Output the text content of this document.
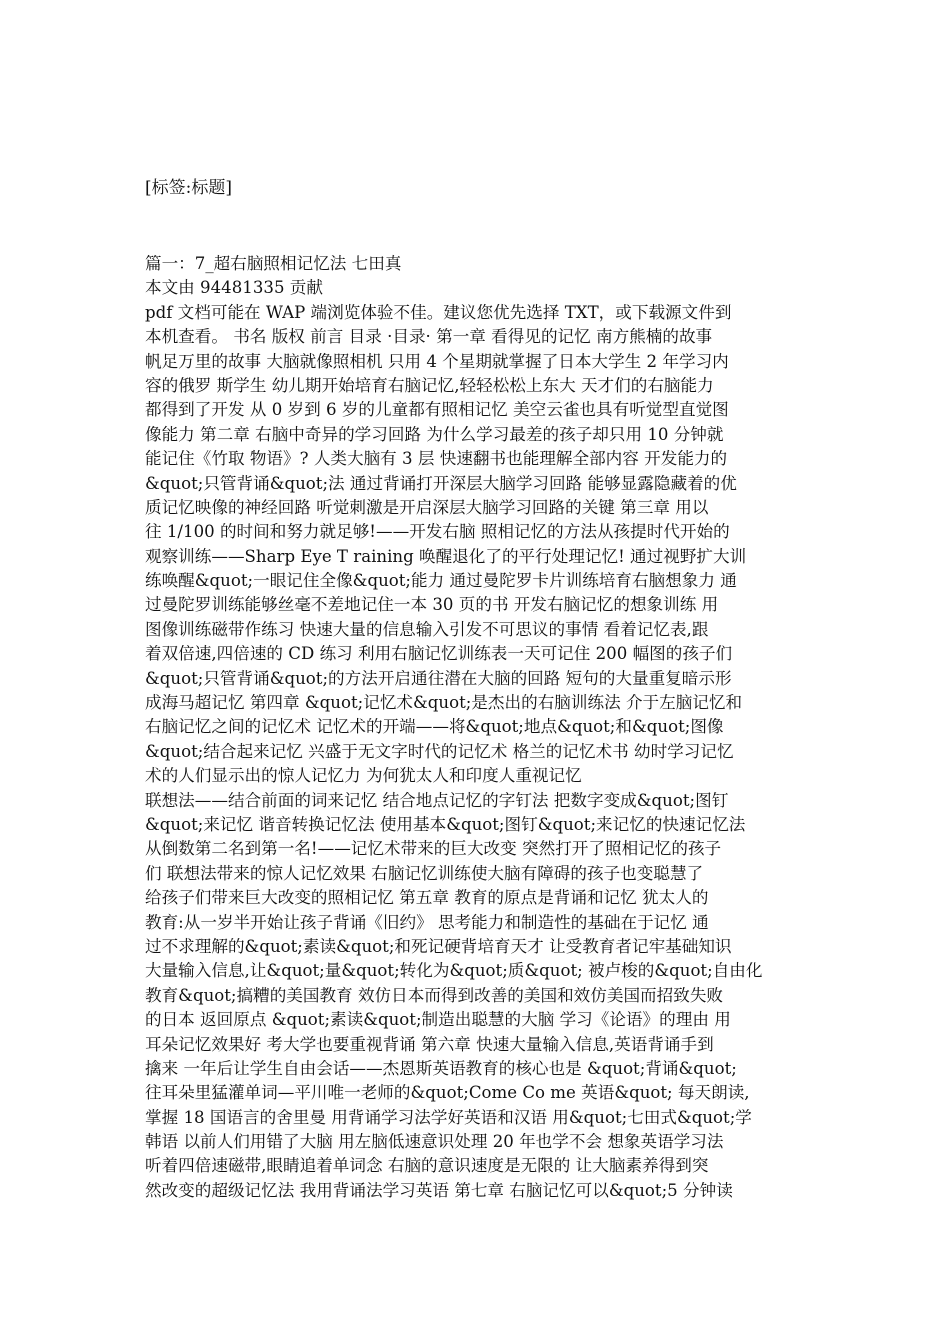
[标签:标题]
篇一：7_超右脑照相记忆法 七田真
本文由 94481335 贡献
pdf 文档可能在 WAP 端浏览体验不佳。建议您优先选择 TXT，或下载源文件到
本机查看。 书名 版权 前言 目录 ·目录· 第一章 看得见的记忆 南方熊楠的故事
帆足万里的故事 大脑就像照相机 只用 4 个星期就掌握了日本大学生 2 年学习内
容的俄罗 斯学生 幼儿期开始培育右脑记忆,轻轻松松上东大 天才们的右脑能力
都得到了开发 从 0 岁到 6 岁的儿童都有照相记忆 美空云雀也具有听觉型直觉图
像能力 第二章 右脑中奇异的学习回路 为什么学习最差的孩子却只用 10 分钟就
能记住《竹取 物语》? 人类大脑有 3 层 快速翻书也能理解全部内容 开发能力的
&quot;只管背诵&quot;法 通过背诵打开深层大脑学习回路 能够显露隐藏着的优
质记忆映像的神经回路 听觉刺激是开启深层大脑学习回路的关键 第三章 用以
往 1/100 的时间和努力就足够!——开发右脑 照相记忆的方法从孩提时代开始的
观察训练——Sharp Eye T raining 唤醒退化了的平行处理记忆! 通过视野扩大训
练唤醒&quot;一眼记住全像&quot;能力 通过曼陀罗卡片训练培育右脑想象力 通
过曼陀罗训练能够丝毫不差地记住一本 30 页的书 开发右脑记忆的想象训练 用
图像训练磁带作练习 快速大量的信息输入引发不可思议的事情 看着记忆表,跟
着双倍速,四倍速的 CD 练习 利用右脑记忆训练表一天可记住 200 幅图的孩子们
&quot;只管背诵&quot;的方法开启通往潜在大脑的回路 短句的大量重复暗示形
成海马超记忆 第四章 &quot;记忆术&quot;是杰出的右脑训练法 介于左脑记忆和
右脑记忆之间的记忆术 记忆术的开端——将&quot;地点&quot;和&quot;图像
&quot;结合起来记忆 兴盛于无文字时代的记忆术 格兰的记忆术书 幼时学习记忆
术的人们显示出的惊人记忆力 为何犹太人和印度人重视记忆
联想法——结合前面的词来记忆 结合地点记忆的字钉法 把数字变成&quot;图钉
&quot;来记忆 谐音转换记忆法 使用基本&quot;图钉&quot;来记忆的快速记忆法
从倒数第二名到第一名!——记忆术带来的巨大改变 突然打开了照相记忆的孩子
们 联想法带来的惊人记忆效果 右脑记忆训练使大脑有障碍的孩子也变聪慧了
给孩子们带来巨大改变的照相记忆 第五章 教育的原点是背诵和记忆 犹太人的
教育:从一岁半开始让孩子背诵《旧约》 思考能力和制造性的基础在于记忆 通
过不求理解的&quot;素读&quot;和死记硬背培育天才 让受教育者记牢基础知识
大量输入信息,让&quot;量&quot;转化为&quot;质&quot; 被卢梭的&quot;自由化
教育&quot;搞糟的美国教育 效仿日本而得到改善的美国和效仿美国而招致失败
的日本 返回原点 &quot;素读&quot;制造出聪慧的大脑 学习《论语》的理由 用
耳朵记忆效果好 考大学也要重视背诵 第六章 快速大量输入信息,英语背诵手到
擒来 一年后让学生自由会话——杰恩斯英语教育的核心也是 &quot;背诵&quot;
往耳朵里猛灌单词—平川唯一老师的&quot;Come Co me 英语&quot; 每天朗读,
掌握 18 国语言的舍里曼 用背诵学习法学好英语和汉语 用&quot;七田式&quot;学
韩语 以前人们用错了大脑 用左脑低速意识处理 20 年也学不会 想象英语学习法
听着四倍速磁带,眼睛追着单词念 右脑的意识速度是无限的 让大脑素养得到突
然改变的超级记忆法 我用背诵法学习英语 第七章 右脑记忆可以&quot;5 分钟读
